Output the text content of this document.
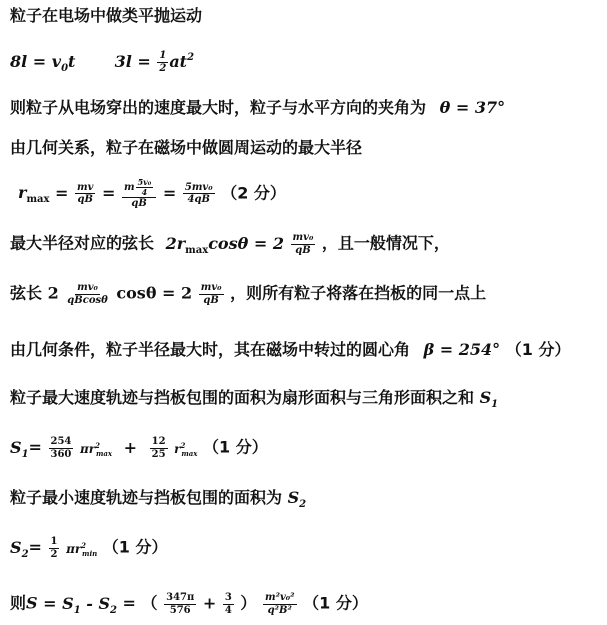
粒子在电场中做类平抛运动
$8l = v_0t$ $3l = \frac{1}{2} at^2$
则粒子从电场穿出的速度最大时，粒子与水平方向的夹角为 θ = 37°
由几何关系，粒子在磁场中做圆周运动的最大半径
$r_{max} = \frac{mv}{qB} = \frac{m \frac{\text{5v₀}}{4}}{qB} = \frac{\text{5mv₀}}{4qB} (2$ 分）
最大半径对应的弦长 $2r_{max}\cos\theta = 2 \frac{\text{mv₀}}{qB}$ ，且一般情况下，
弦长 $2 \frac{\text{mv₀}}{qBcos\theta}$ $\cos\theta = 2 \frac{\text{mv₀}}{qB}$ ，则所有粒子将落在挡板的同一点上
由几何条件，粒子半径最大时，其在磁场中转过的圆心角 β = 254° （1 分）
粒子最大速度轨迹与挡板包围的面积为扇形面积与三角形面积之和 $S_1$
$S_1= \frac{254}{360} \pi r^2_{max} + \frac{12}{25} r^2_{max}$ （1 分）
粒子最小速度轨迹与挡板包围的面积为 $S_2$
$S_2= \frac{1}{2} \pi r^2_{min}$ （1 分）
则$S = S_1 - S_2$ = （ $\frac{347\pi}{576} + \frac{3}{4}$ ） $\frac{\text{m²v₀²}}{\text{q²B²}} (1$ 分）
